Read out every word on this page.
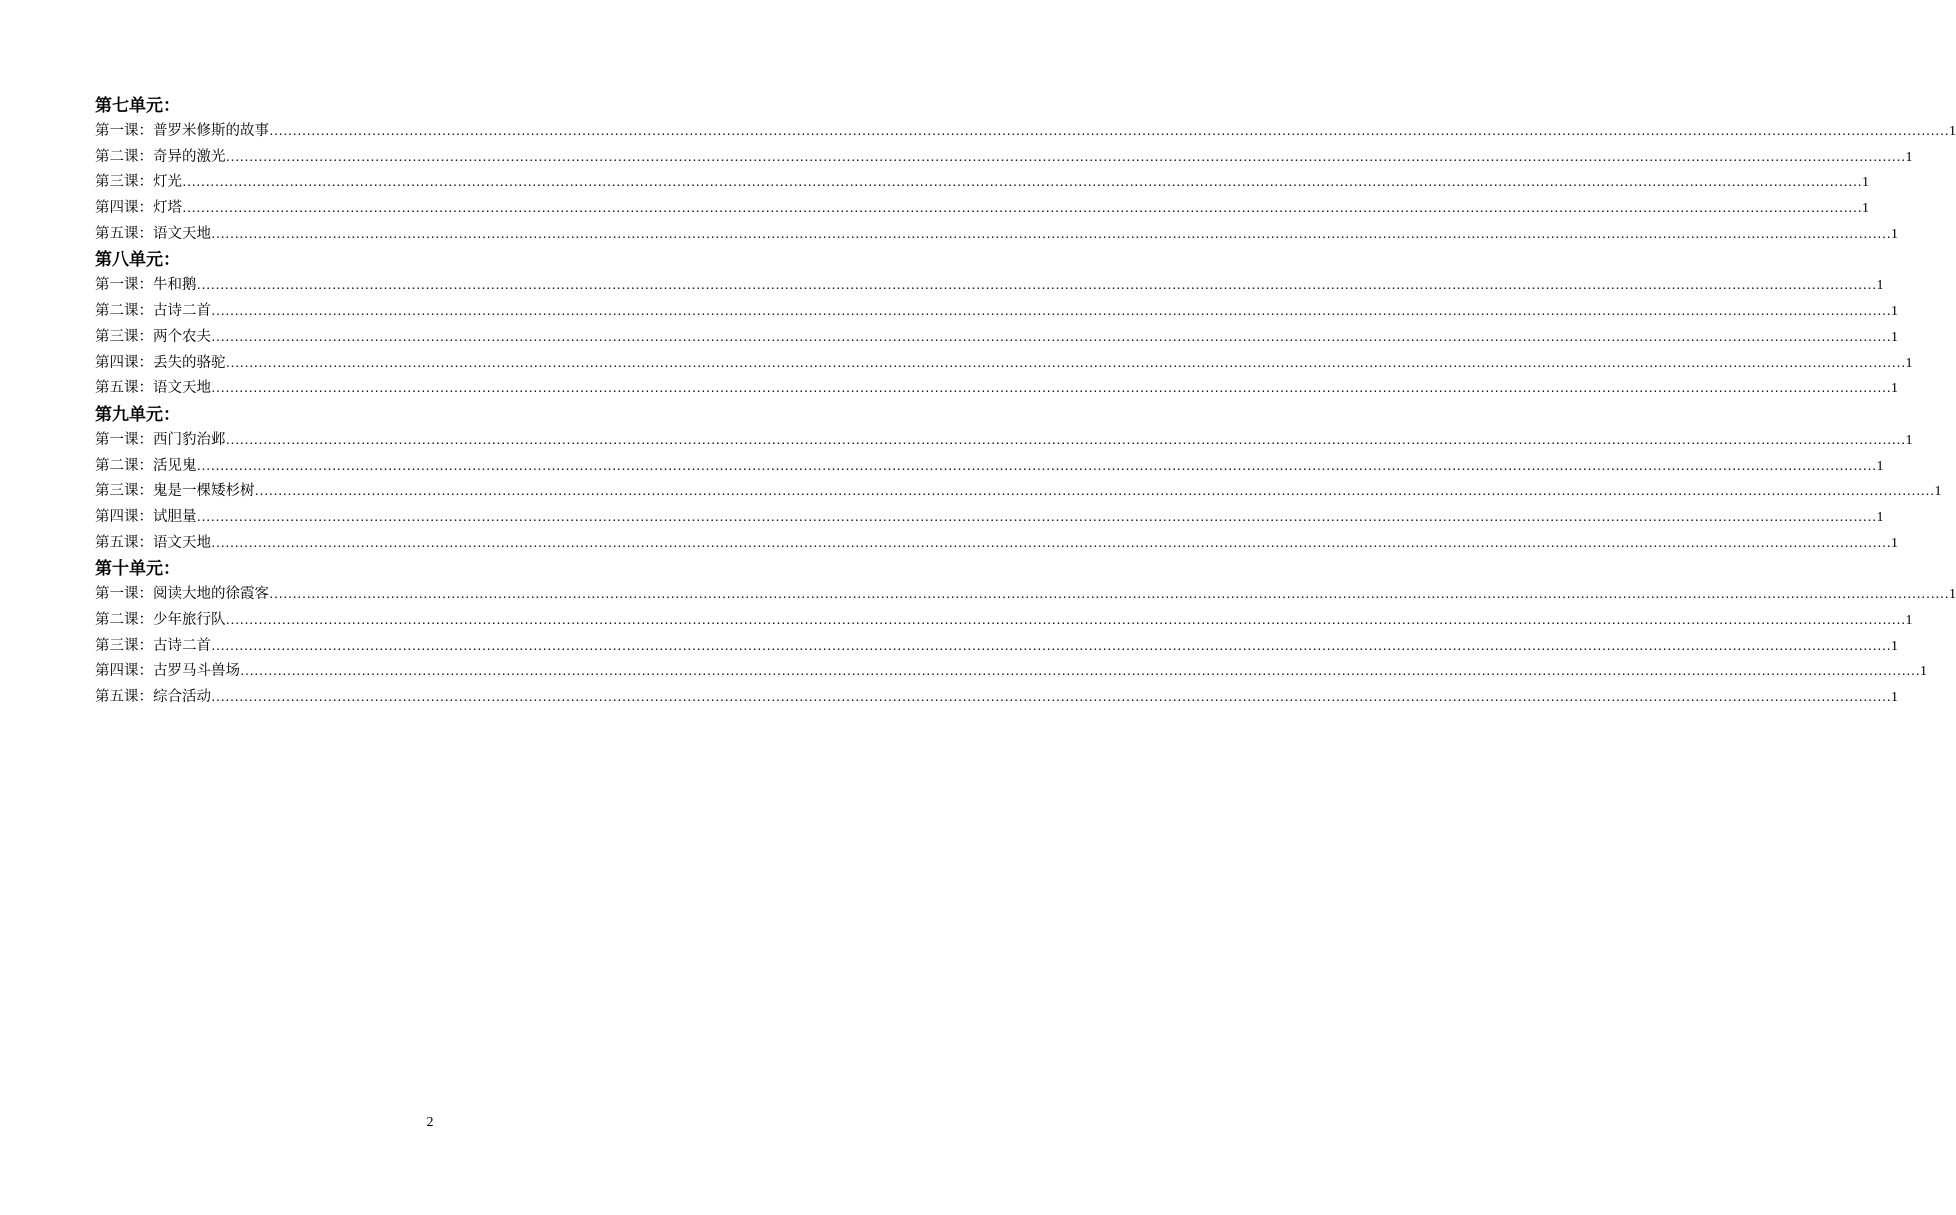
第七单元：
第一课：普罗米修斯的故事 ……………………………………………………………………………………………………………………………………………………………………………………………………………………………………………………………………………………………………………………………… 1
第二课：奇异的激光 ……………………………………………………………………………………………………………………………………………………………………………………………………………………………………………………………………………………………………………………………… 1
第三课：灯光 ……………………………………………………………………………………………………………………………………………………………………………………………………………………………………………………………………………………………………………………………… 1
第四课：灯塔 ……………………………………………………………………………………………………………………………………………………………………………………………………………………………………………………………………………………………………………………………… 1
第五课：语文天地 ……………………………………………………………………………………………………………………………………………………………………………………………………………………………………………………………………………………………………………………………… 1
第八单元：
第一课：牛和鹅 ……………………………………………………………………………………………………………………………………………………………………………………………………………………………………………………………………………………………………………………………… 1
第二课：古诗二首 ……………………………………………………………………………………………………………………………………………………………………………………………………………………………………………………………………………………………………………………………… 1
第三课：两个农夫 ……………………………………………………………………………………………………………………………………………………………………………………………………………………………………………………………………………………………………………………………… 1
第四课：丢失的骆驼 ……………………………………………………………………………………………………………………………………………………………………………………………………………………………………………………………………………………………………………………………… 1
第五课：语文天地 ……………………………………………………………………………………………………………………………………………………………………………………………………………………………………………………………………………………………………………………………… 1
第九单元：
第一课：西门豹治邺 ……………………………………………………………………………………………………………………………………………………………………………………………………………………………………………………………………………………………………………………………… 1
第二课：活见鬼 ……………………………………………………………………………………………………………………………………………………………………………………………………………………………………………………………………………………………………………………………… 1
第三课：鬼是一棵矮杉树 ……………………………………………………………………………………………………………………………………………………………………………………………………………………………………………………………………………………………………………………………… 1
第四课：试胆量 ……………………………………………………………………………………………………………………………………………………………………………………………………………………………………………………………………………………………………………………………… 1
第五课：语文天地 ……………………………………………………………………………………………………………………………………………………………………………………………………………………………………………………………………………………………………………………………… 1
第十单元：
第一课：阅读大地的徐霞客 ……………………………………………………………………………………………………………………………………………………………………………………………………………………………………………………………………………………………………………………………… 1
第二课：少年旅行队 ……………………………………………………………………………………………………………………………………………………………………………………………………………………………………………………………………………………………………………………………… 1
第三课：古诗二首 ……………………………………………………………………………………………………………………………………………………………………………………………………………………………………………………………………………………………………………………………… 1
第四课：古罗马斗兽场 ……………………………………………………………………………………………………………………………………………………………………………………………………………………………………………………………………………………………………………………………… 1
第五课：综合活动 ……………………………………………………………………………………………………………………………………………………………………………………………………………………………………………………………………………………………………………………………… 1
2
